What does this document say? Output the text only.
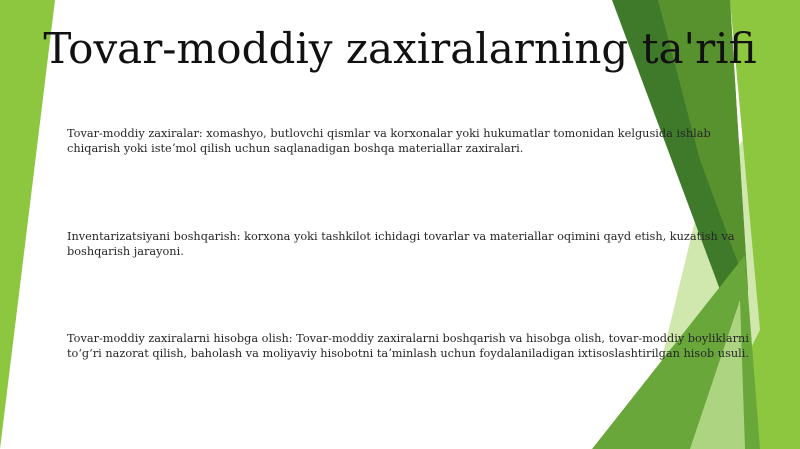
Tovar-moddiy zaxiralarning ta'rifi

Tovar-moddiy zaxiralar: xomashyo, butlovchi qismlar va korxonalar yoki hukumatlar tomonidan kelgusida ishlab chiqarish yoki isteʼmol qilish uchun saqlanadigan boshqa materiallar zaxiralari.

Inventarizatsiyani boshqarish: korxona yoki tashkilot ichidagi tovarlar va materiallar oqimini qayd etish, kuzatish va boshqarish jarayoni.

Tovar-moddiy zaxiralarni hisobga olish: Tovar-moddiy zaxiralarni boshqarish va hisobga olish, tovar-moddiy boyliklarni toʻgʻri nazorat qilish, baholash va moliyaviy hisobotni taʼminlash uchun foydalaniladigan ixtisoslashtirilgan hisob usuli.
